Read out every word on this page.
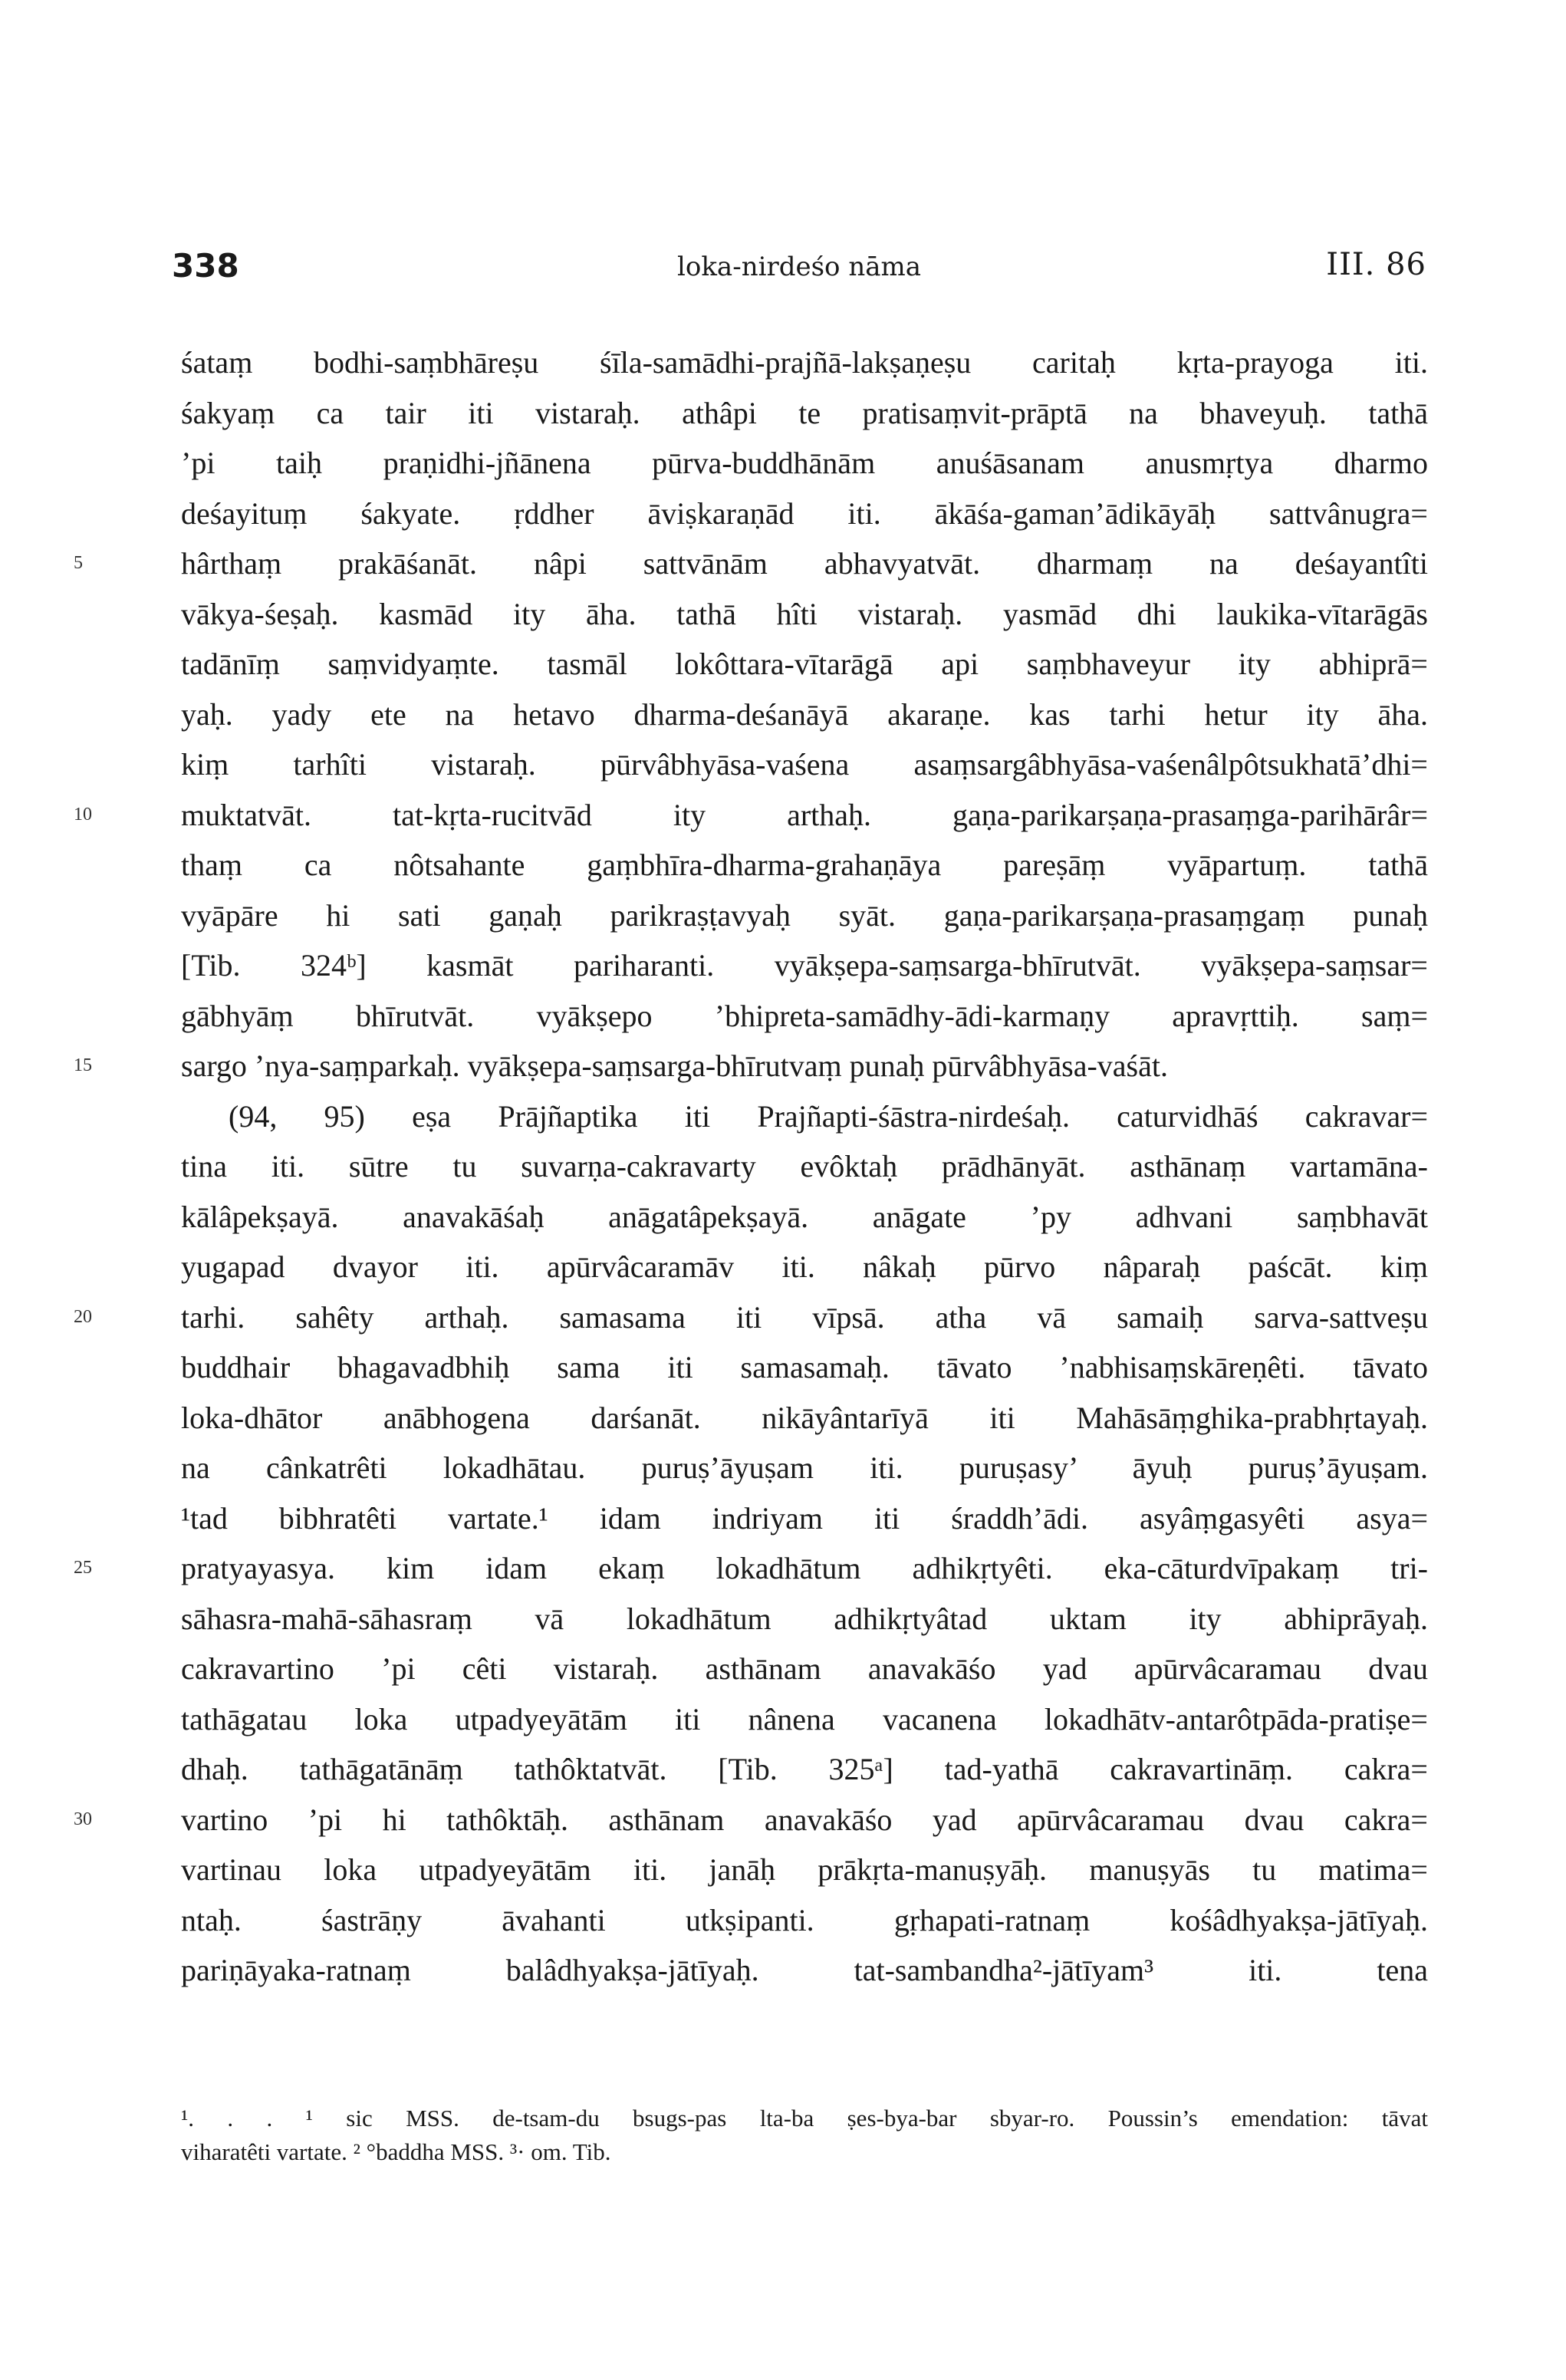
338	loka-nirdeśo nāma	III. 86
śataṃ bodhi-saṃbhāreṣu śīla-samādhi-prajñā-lakṣaṇeṣu caritaḥ kṛta-prayoga iti.
śakyaṃ ca tair iti vistaraḥ. athâpi te pratisaṃvit-prāptā na bhaveyuḥ. tathā
’pi taiḥ praṇidhi-jñānena pūrva-buddhānām anuśāsanam anusmṛtya dharmo
deśayituṃ śakyate. ṛddher āviṣkaraṇād iti. ākāśa-gaman’ādikāyāḥ sattvânugra=
5	hârthaṃ prakāśanāt. nâpi sattvānām abhavyatvāt. dharmaṃ na deśayantîti
vākya-śeṣaḥ. kasmād ity āha. tathā hîti vistaraḥ. yasmād dhi laukika-vītarāgās
tadānīṃ saṃvidyaṃte. tasmāl lokôttara-vītarāgā api saṃbhaveyur ity abhiprā=
yaḥ. yady ete na hetavo dharma-deśanāyā akaraṇe. kas tarhi hetur ity āha.
kiṃ tarhîti vistaraḥ. pūrvâbhyāsa-vaśena asaṃsargâbhyāsa-vaśenâlpôtsukhatā’dhi=
10	muktatvāt. tat-kṛta-rucitvād ity arthaḥ. gaṇa-parikarṣaṇa-prasaṃga-parihārâr=
thaṃ ca nôtsahante gaṃbhīra-dharma-grahaṇāya pareṣāṃ vyāpartuṃ. tathā
vyāpāre hi sati gaṇaḥ parikraṣṭavyaḥ syāt. gaṇa-parikarṣaṇa-prasaṃgaṃ punaḥ
[Tib. 324ᵇ] kasmāt pariharanti. vyākṣepa-saṃsarga-bhīrutvāt. vyākṣepa-saṃsar=
gābhyāṃ bhīrutvāt. vyākṣepo ’bhipreta-samādhy-ādi-karmaṇy apravṛttiḥ. saṃ=
15	sargo ’nya-saṃparkaḥ. vyākṣepa-saṃsarga-bhīrutvaṃ punaḥ pūrvâbhyāsa-vaśāt.
(94, 95) eṣa Prājñaptika iti Prajñapti-śāstra-nirdeśaḥ. caturvidhāś cakravar=
tina iti. sūtre tu suvarṇa-cakravarty evôktaḥ prādhānyāt. asthānaṃ vartamāna-
kālâpekṣayā. anavakāśaḥ anāgatâpekṣayā. anāgate ’py adhvani saṃbhavāt
yugapad dvayor iti. apūrvâcaramāv iti. nâkaḥ pūrvo nâparaḥ paścāt. kiṃ
20	tarhi. sahêty arthaḥ. samasama iti vīpsā. atha vā samaiḥ sarva-sattveṣu
buddhair bhagavadbhiḥ sama iti samasamaḥ. tāvato ’nabhisaṃskāreṇêti. tāvato
loka-dhātor anābhogena darśanāt. nikāyântarīyā iti Mahāsāṃghika-prabhṛtayaḥ.
na cânkatrêti lokadhātau. puruṣ’āyuṣam iti. puruṣasy’ āyuḥ puruṣ’āyuṣam.
¹tad bibhratêti vartate.¹ idam indriyam iti śraddh’ādi. asyâṃgasyêti asya=
25	pratyayasya. kim idam ekaṃ lokadhātum adhikṛtyêti. eka-cāturdvīpakaṃ tri-
sāhasra-mahā-sāhasraṃ vā lokadhātum adhikṛtyâtad uktam ity abhiprāyaḥ.
cakravartino ’pi cêti vistaraḥ. asthānam anavakāśo yad apūrvâcaramau dvau
tathāgatau loka utpadyeyātām iti nânena vacanena lokadhātv-antarôtpāda-pratiṣe=
dhaḥ. tathāgatānāṃ tathôktatvāt. [Tib. 325ᵃ] tad-yathā cakravartināṃ. cakra=
30	vartino ’pi hi tathôktāḥ. asthānam anavakāśo yad apūrvâcaramau dvau cakra=
vartinau loka utpadyeyātām iti. janāḥ prākṛta-manuṣyāḥ. manuṣyās tu matima=
ntaḥ. śastrāṇy āvahanti utkṣipanti. gṛhapati-ratnaṃ kośâdhyakṣa-jātīyaḥ.
pariṇāyaka-ratnaṃ balâdhyakṣa-jātīyaḥ. tat-sambandha²-jātīyam³ iti. tena
¹. . . ¹ sic MSS. de-tsam-du bsugs-pas lta-ba ṣes-bya-bar sbyar-ro. Poussin’s emendation: tāvat
viharatêti vartate. ² °baddha MSS. ³· om. Tib.
